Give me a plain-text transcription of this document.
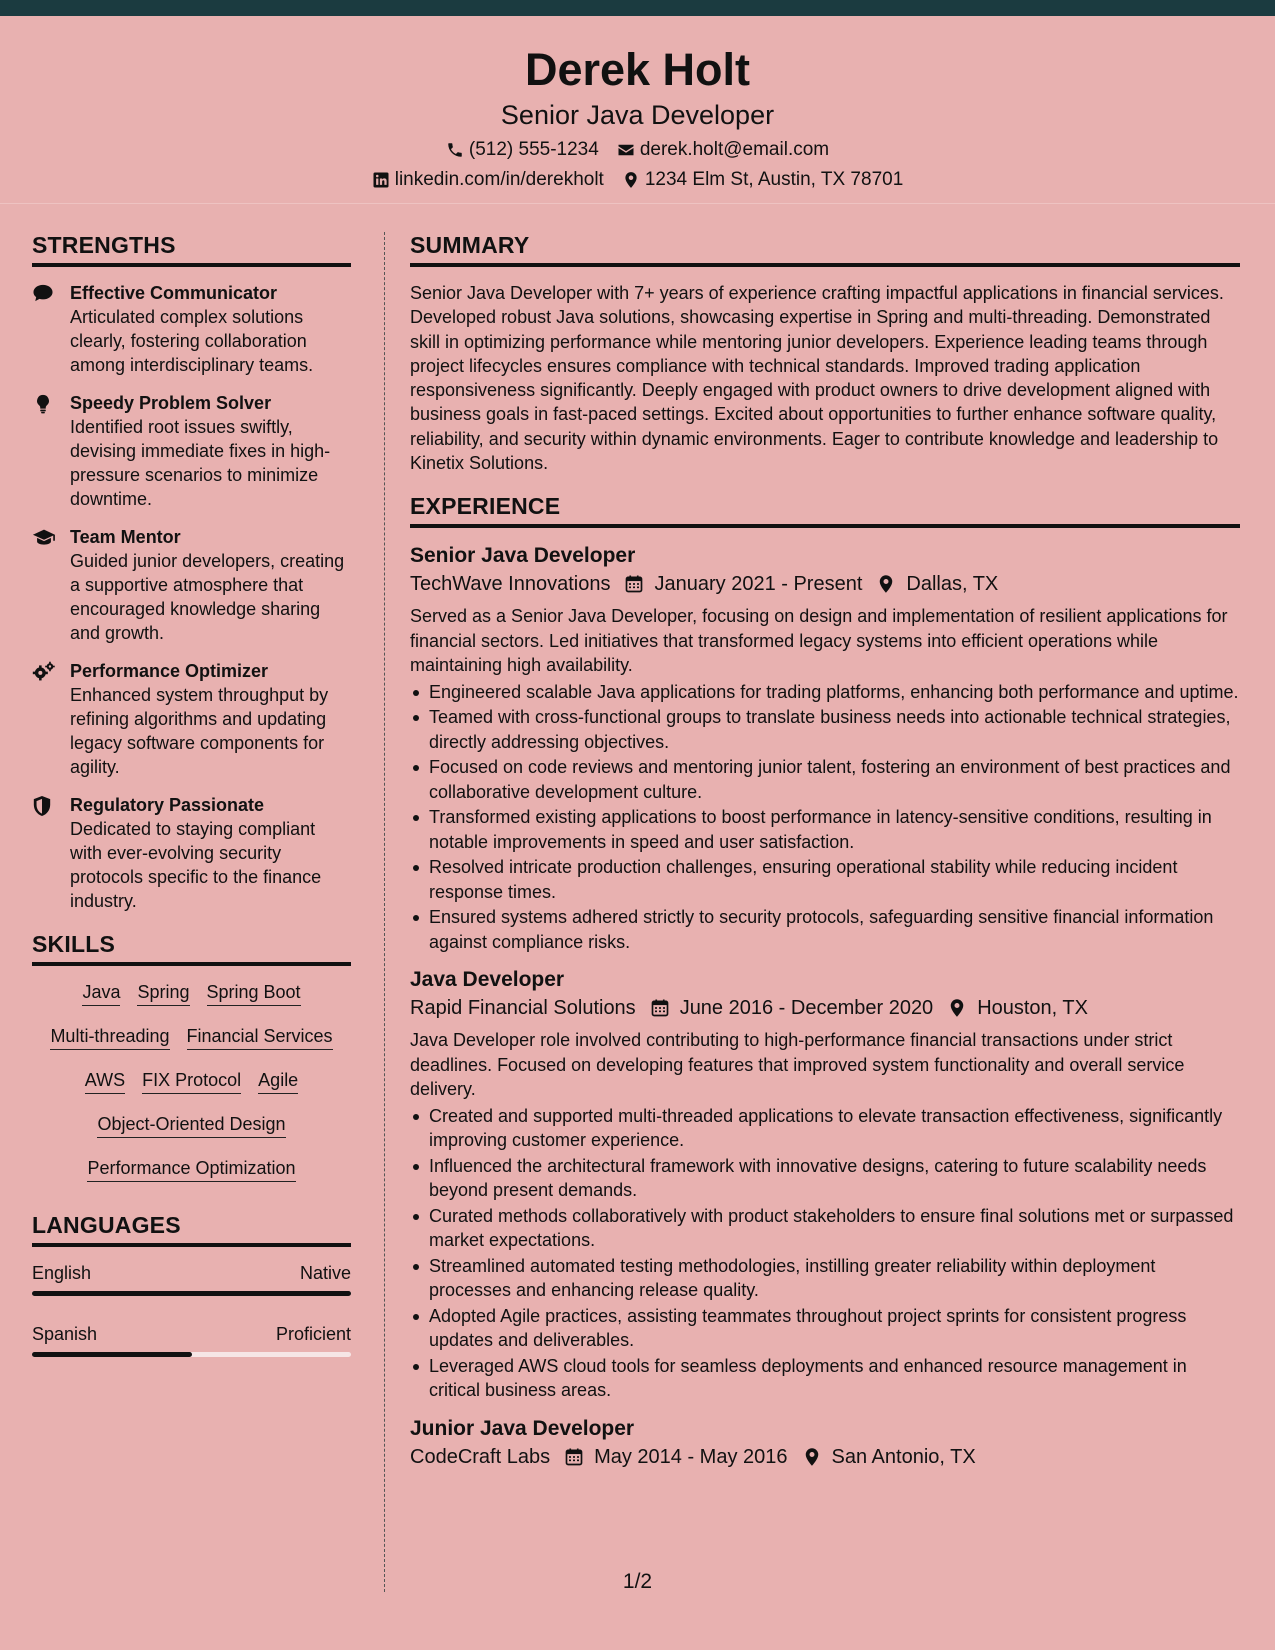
Derek Holt
Senior Java Developer
(512) 555-1234 derek.holt@email.com
linkedin.com/in/derekholt 1234 Elm St, Austin, TX 78701
STRENGTHS
Effective Communicator
Articulated complex solutions clearly, fostering collaboration among interdisciplinary teams.
Speedy Problem Solver
Identified root issues swiftly, devising immediate fixes in high-pressure scenarios to minimize downtime.
Team Mentor
Guided junior developers, creating a supportive atmosphere that encouraged knowledge sharing and growth.
Performance Optimizer
Enhanced system throughput by refining algorithms and updating legacy software components for agility.
Regulatory Passionate
Dedicated to staying compliant with ever-evolving security protocols specific to the finance industry.
SKILLS
Java Spring Spring Boot
Multi-threading Financial Services
AWS FIX Protocol Agile
Object-Oriented Design
Performance Optimization
LANGUAGES
English	Native
Spanish	Proficient
SUMMARY
Senior Java Developer with 7+ years of experience crafting impactful applications in financial services. Developed robust Java solutions, showcasing expertise in Spring and multi-threading. Demonstrated skill in optimizing performance while mentoring junior developers. Experience leading teams through project lifecycles ensures compliance with technical standards. Improved trading application responsiveness significantly. Deeply engaged with product owners to drive development aligned with business goals in fast-paced settings. Excited about opportunities to further enhance software quality, reliability, and security within dynamic environments. Eager to contribute knowledge and leadership to Kinetix Solutions.
EXPERIENCE
Senior Java Developer
TechWave Innovations January 2021 - Present Dallas, TX
Served as a Senior Java Developer, focusing on design and implementation of resilient applications for financial sectors. Led initiatives that transformed legacy systems into efficient operations while maintaining high availability.
Engineered scalable Java applications for trading platforms, enhancing both performance and uptime.
Teamed with cross-functional groups to translate business needs into actionable technical strategies, directly addressing objectives.
Focused on code reviews and mentoring junior talent, fostering an environment of best practices and collaborative development culture.
Transformed existing applications to boost performance in latency-sensitive conditions, resulting in notable improvements in speed and user satisfaction.
Resolved intricate production challenges, ensuring operational stability while reducing incident response times.
Ensured systems adhered strictly to security protocols, safeguarding sensitive financial information against compliance risks.
Java Developer
Rapid Financial Solutions June 2016 - December 2020 Houston, TX
Java Developer role involved contributing to high-performance financial transactions under strict deadlines. Focused on developing features that improved system functionality and overall service delivery.
Created and supported multi-threaded applications to elevate transaction effectiveness, significantly improving customer experience.
Influenced the architectural framework with innovative designs, catering to future scalability needs beyond present demands.
Curated methods collaboratively with product stakeholders to ensure final solutions met or surpassed market expectations.
Streamlined automated testing methodologies, instilling greater reliability within deployment processes and enhancing release quality.
Adopted Agile practices, assisting teammates throughout project sprints for consistent progress updates and deliverables.
Leveraged AWS cloud tools for seamless deployments and enhanced resource management in critical business areas.
Junior Java Developer
CodeCraft Labs May 2014 - May 2016 San Antonio, TX
1/2
